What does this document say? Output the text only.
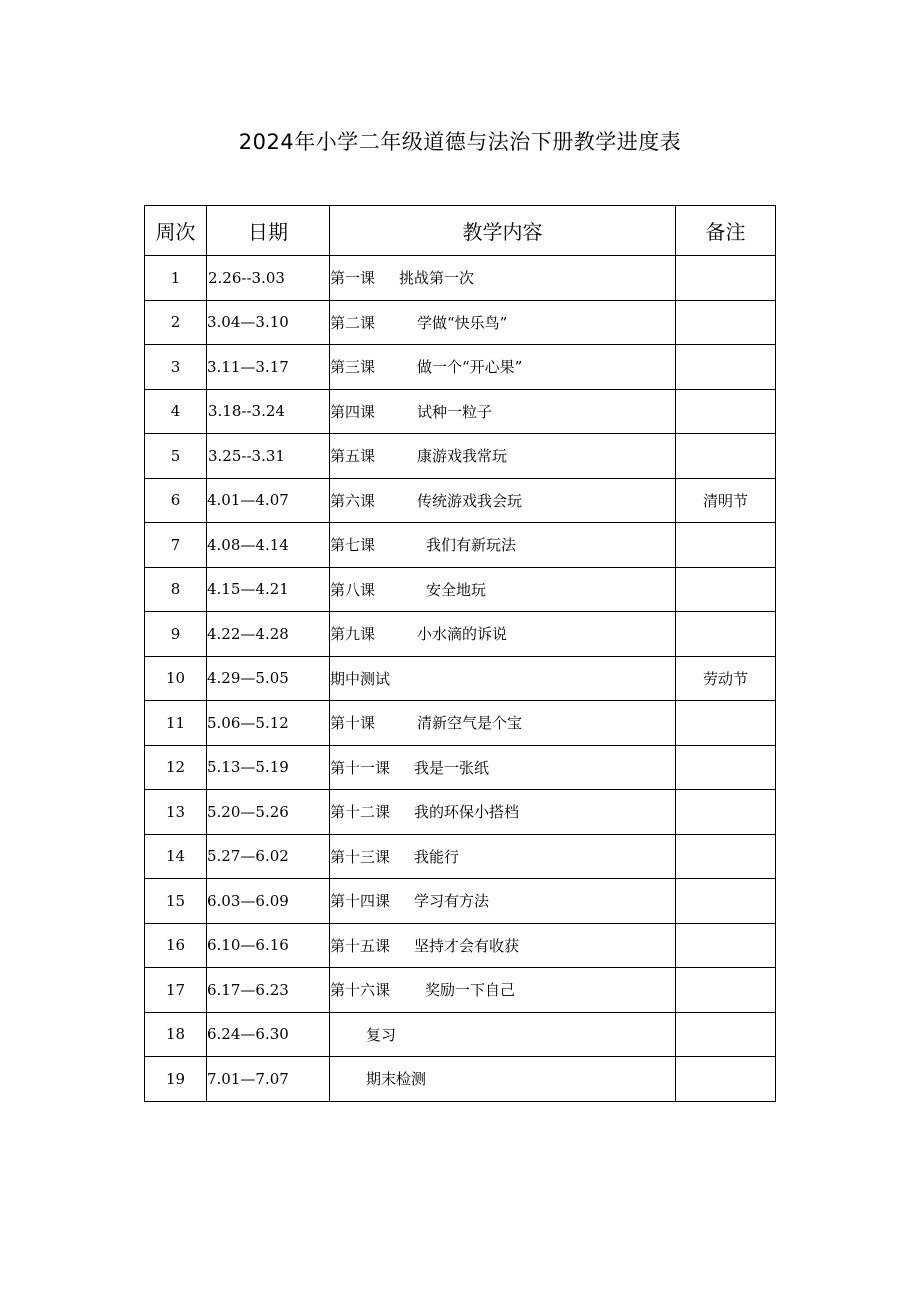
2024年小学二年级道德与法治下册教学进度表
周次	日期	教学内容	备注
1	2.26--3.03	第一课 挑战第一次	
2	3.04—3.10	第二课 学做“快乐鸟”	
3	3.11—3.17	第三课 做一个“开心果”	
4	3.18--3.24	第四课 试种一粒子	
5	3.25--3.31	第五课 康游戏我常玩	
6	4.01—4.07	第六课 传统游戏我会玩	清明节
7	4.08—4.14	第七课 我们有新玩法	
8	4.15—4.21	第八课 安全地玩	
9	4.22—4.28	第九课 小水滴的诉说	
10	4.29—5.05	期中测试	劳动节
11	5.06—5.12	第十课 清新空气是个宝	
12	5.13—5.19	第十一课 我是一张纸	
13	5.20—5.26	第十二课 我的环保小搭档	
14	5.27—6.02	第十三课 我能行	
15	6.03—6.09	第十四课 学习有方法	
16	6.10—6.16	第十五课 坚持才会有收获	
17	6.17—6.23	第十六课 奖励一下自己	
18	6.24—6.30	复习	
19	7.01—7.07	期末检测	
